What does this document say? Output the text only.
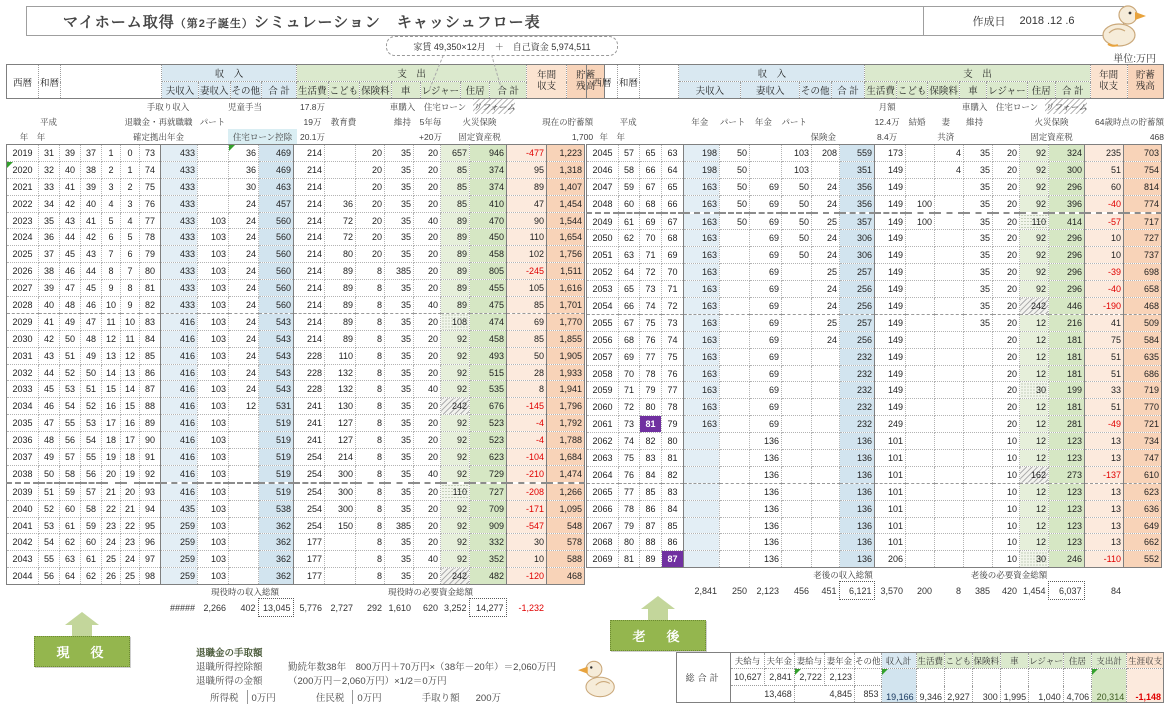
マイホーム取得（第2子誕生）シミュレーション　キャッシュフロー表	作成日 2018 .12 .6
単位:万円
家賃 49,350×12月　＋　自己資金 5,974,511
西暦	和暦		収　入	支　出	年間
収支

貯蓄
残高

			夫収入	妻収入	その他	合 計	生活費	こども	保険料	車	レジャー	住居	合 計		
						手取り収入		児童手当		17.8万			車購入	住宅ローン		リフォーム		
	平成				退職金・再就職職		パート			19万	教育費		維持	5年毎	火災保険		現在の貯蓄額	
年　年					確定拠出年金			住宅ローン控除		20.1万				+20万	固定資産税			1,700
2019	31	39	37	1	0	73	433		36	469	214		20	35	20	657	946	-477	1,223
2020	32	40	38	2	1	74	433		36	469	214		20	35	20	85	374	95	1,318
2021	33	41	39	3	2	75	433		30	463	214		20	35	20	85	374	89	1,407
2022	34	42	40	4	3	76	433		24	457	214	36	20	35	20	85	410	47	1,454
2023	35	43	41	5	4	77	433	103	24	560	214	72	20	35	40	89	470	90	1,544
2024	36	44	42	6	5	78	433	103	24	560	214	72	20	35	20	89	450	110	1,654
2025	37	45	43	7	6	79	433	103	24	560	214	80	20	35	20	89	458	102	1,756
2026	38	46	44	8	7	80	433	103	24	560	214	89	8	385	20	89	805	-245	1,511
2027	39	47	45	9	8	81	433	103	24	560	214	89	8	35	20	89	455	105	1,616
2028	40	48	46	10	9	82	433	103	24	560	214	89	8	35	40	89	475	85	1,701
2029	41	49	47	11	10	83	416	103	24	543	214	89	8	35	20	108	474	69	1,770
2030	42	50	48	12	11	84	416	103	24	543	214	89	8	35	20	92	458	85	1,855
2031	43	51	49	13	12	85	416	103	24	543	228	110	8	35	20	92	493	50	1,905
2032	44	52	50	14	13	86	416	103	24	543	228	132	8	35	20	92	515	28	1,933
2033	45	53	51	15	14	87	416	103	24	543	228	132	8	35	40	92	535	8	1,941
2034	46	54	52	16	15	88	416	103	12	531	241	130	8	35	20	242	676	-145	1,796
2035	47	55	53	17	16	89	416	103		519	241	127	8	35	20	92	523	-4	1,792
2036	48	56	54	18	17	90	416	103		519	241	127	8	35	20	92	523	-4	1,788
2037	49	57	55	19	18	91	416	103		519	254	214	8	35	20	92	623	-104	1,684
2038	50	58	56	20	19	92	416	103		519	254	300	8	35	40	92	729	-210	1,474
2039	51	59	57	21	20	93	416	103		519	254	300	8	35	20	110	727	-208	1,266
2040	52	60	58	22	21	94	435	103		538	254	300	8	35	20	92	709	-171	1,095
2041	53	61	59	23	22	95	259	103		362	254	150	8	385	20	92	909	-547	548
2042	54	62	60	24	23	96	259	103		362	177		8	35	20	92	332	30	578
2043	55	63	61	25	24	97	259	103		362	177		8	35	40	92	352	10	588
2044	56	64	62	26	25	98	259	103		362	177		8	35	20	242	482	-120	468
								現役時の収入総額					現役時の必要資金総額						
							#####	2,266	402	13,045	5,776	2,727	292	1,610	620	3,252	14,277	-1,232	
西暦	和暦		収　入	支　出	年間
収支

貯蓄
残高

			夫収入	妻収入	その他	合 計	生活費	こども	保険料	車	レジャー	住居	合 計		
										月額			車購入	住宅ローン		リフォーム		
	平成			年金	パート	年金	パート			12.4万	結婚	妻	維持		火災保険		64歳時点の貯蓄額	
年　年								保険金		8.4万		共済			固定資産税			468
2045	57	65	63	198	50		103	208	559	173		4	35	20	92	324	235	703
2046	58	66	64	198	50		103		351	149		4	35	20	92	300	51	754
2047	59	67	65	163	50	69	50	24	356	149			35	20	92	296	60	814
2048	60	68	66	163	50	69	50	24	356	149	100		35	20	92	396	-40	774
2049	61	69	67	163	50	69	50	25	357	149	100		35	20	110	414	-57	717
2050	62	70	68	163		69	50	24	306	149			35	20	92	296	10	727
2051	63	71	69	163		69	50	24	306	149			35	20	92	296	10	737
2052	64	72	70	163		69		25	257	149			35	20	92	296	-39	698
2053	65	73	71	163		69		24	256	149			35	20	92	296	-40	658
2054	66	74	72	163		69		24	256	149			35	20	242	446	-190	468
2055	67	75	73	163		69		25	257	149			35	20	12	216	41	509
2056	68	76	74	163		69		24	256	149				20	12	181	75	584
2057	69	77	75	163		69			232	149				20	12	181	51	635
2058	70	78	76	163		69			232	149				20	12	181	51	686
2059	71	79	77	163		69			232	149				20	30	199	33	719
2060	72	80	78	163		69			232	149				20	12	181	51	770
2061	73	81	79	163		69			232	249				20	12	281	-49	721
2062	74	82	80			136			136	101				10	12	123	13	734
2063	75	83	81			136			136	101				10	12	123	13	747
2064	76	84	82			136			136	101				10	162	273	-137	610
2065	77	85	83			136			136	101				10	12	123	13	623
2066	78	86	84			136			136	101				10	12	123	13	636
2067	79	87	85			136			136	101				10	12	123	13	649
2068	80	88	86			136			136	101				10	12	123	13	662
2069	81	89	87			136			136	206				10	30	246	-110	552
							老後の収入総額					老後の必要資金総額						
				2,841	250	2,123	456	451	6,121	3,570	200	8	385	420	1,454	6,037	84	
現　役
老　後
退職金の手取額
退職所得控除額	勤続年数38年　800万円＋70万円×（38年－20年）＝2,060万円
退職所得の金額	（200万円－2,060万円）×1/2＝0万円
所得税	0万円	住民税	0万円	手取り額 200万
総合計	夫給与	夫年金	妻給与	妻年金	その他	収入計	生活費	こども	保険料	車	レジャー	住居	支出計	生涯収支
	10,627	2,841	2,722	2,123		19,166	9,346	2,927	300	1,995	1,040	4,706	20,314	-1,148
	13,468		4,845		853									
